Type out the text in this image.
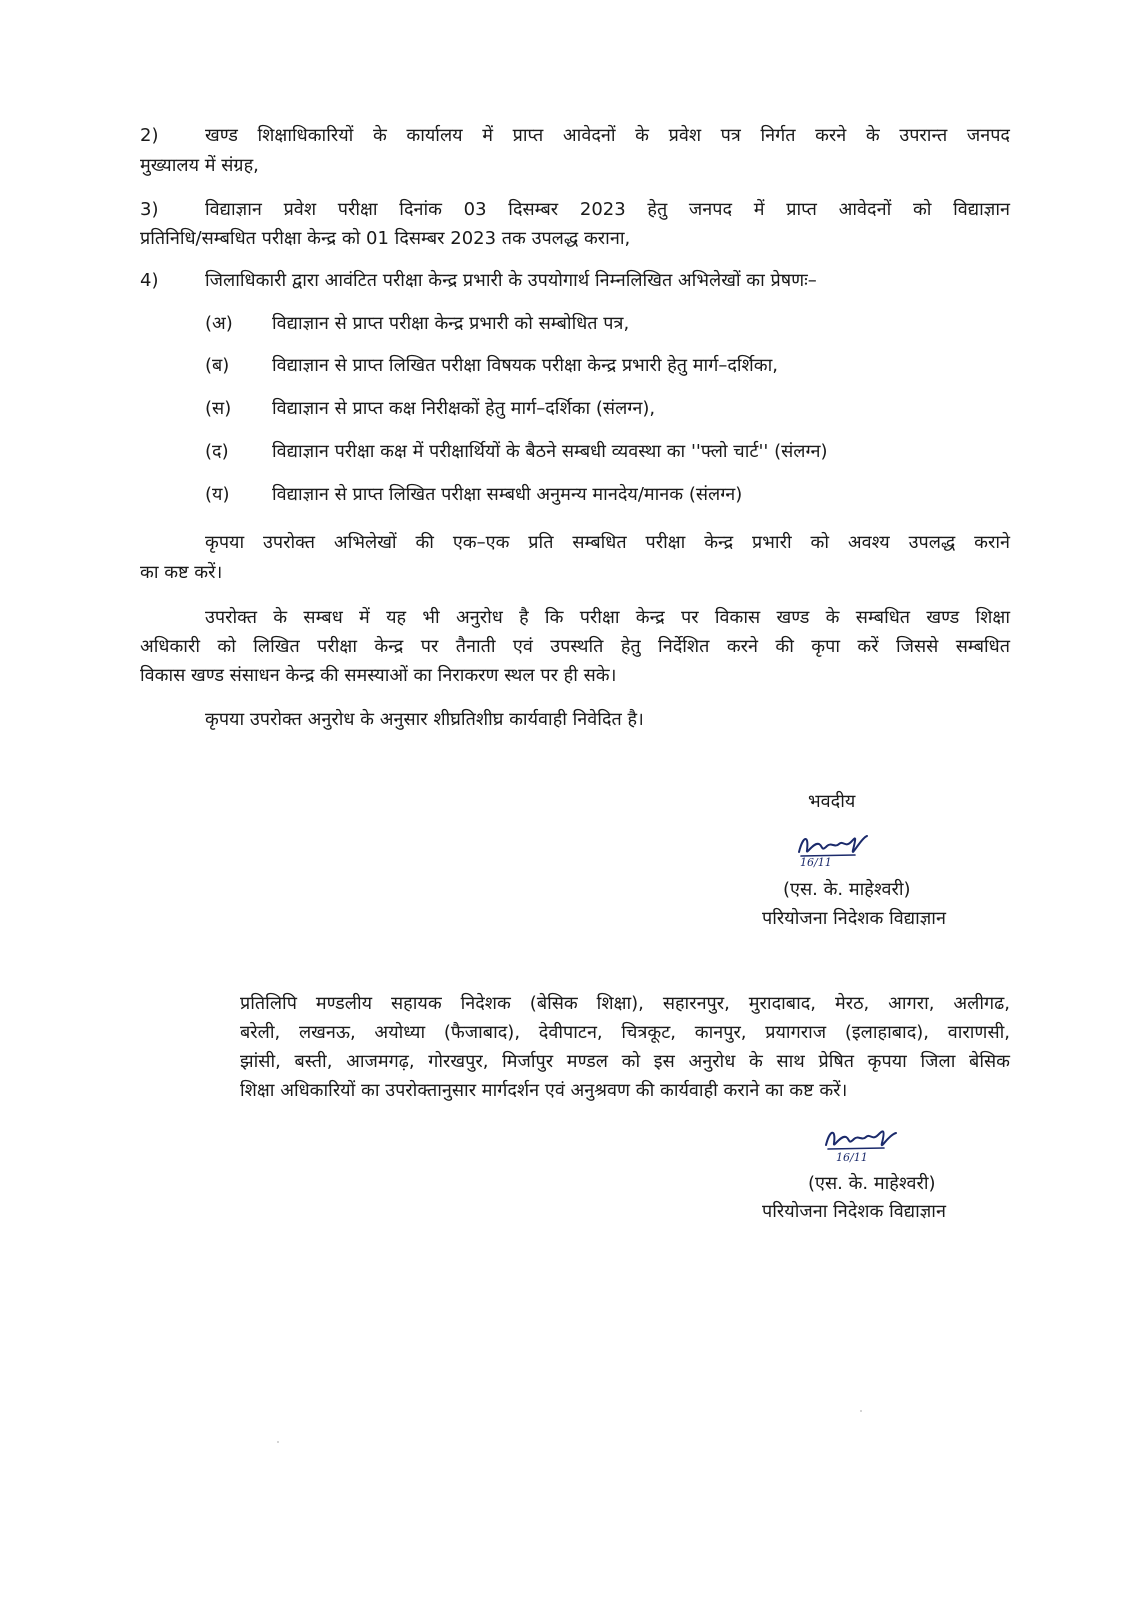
2)	खण्ड शिक्षाधिकारियों के कार्यालय में प्राप्त आवेदनों के प्रवेश पत्र निर्गत करने के उपरान्त जनपद
मुख्यालय में संग्रह,
3)	विद्याज्ञान प्रवेश परीक्षा दिनांक 03 दिसम्बर 2023 हेतु जनपद में प्राप्त आवेदनों को विद्याज्ञान
प्रतिनिधि/सम्बधित परीक्षा केन्द्र को 01 दिसम्बर 2023 तक उपलद्ध कराना,
4)	जिलाधिकारी द्वारा आवंटित परीक्षा केन्द्र प्रभारी के उपयोगार्थ निम्नलिखित अभिलेखों का प्रेषणः–
(अ) विद्याज्ञान से प्राप्त परीक्षा केन्द्र प्रभारी को सम्बोधित पत्र,
(ब) विद्याज्ञान से प्राप्त लिखित परीक्षा विषयक परीक्षा केन्द्र प्रभारी हेतु मार्ग–दर्शिका,
(स) विद्याज्ञान से प्राप्त कक्ष निरीक्षकों हेतु मार्ग–दर्शिका (संलग्न),
(द) विद्याज्ञान परीक्षा कक्ष में परीक्षार्थियों के बैठने सम्बधी व्यवस्था का ''फ्लो चार्ट'' (संलग्न)
(य) विद्याज्ञान से प्राप्त लिखित परीक्षा सम्बधी अनुमन्य मानदेय/मानक (संलग्न)
कृपया उपरोक्त अभिलेखों की एक–एक प्रति सम्बधित परीक्षा केन्द्र प्रभारी को अवश्य उपलद्ध कराने
का कष्ट करें।
उपरोक्त के सम्बध में यह भी अनुरोध है कि परीक्षा केन्द्र पर विकास खण्ड के सम्बधित खण्ड शिक्षा
अधिकारी को लिखित परीक्षा केन्द्र पर तैनाती एवं उपस्थति हेतु निर्देशित करने की कृपा करें जिससे सम्बधित
विकास खण्ड संसाधन केन्द्र की समस्याओं का निराकरण स्थल पर ही सके।
कृपया उपरोक्त अनुरोध के अनुसार शीघ्रतिशीघ्र कार्यवाही निवेदित है।
भवदीय
16/11
(एस. के. माहेश्वरी)
परियोजना निदेशक विद्याज्ञान
प्रतिलिपि मण्डलीय सहायक निदेशक (बेसिक शिक्षा), सहारनपुर, मुरादाबाद, मेरठ, आगरा, अलीगढ,
बरेली, लखनऊ, अयोध्या (फैजाबाद), देवीपाटन, चित्रकूट, कानपुर, प्रयागराज (इलाहाबाद), वाराणसी,
झांसी, बस्ती, आजमगढ़, गोरखपुर, मिर्जापुर मण्डल को इस अनुरोध के साथ प्रेषित कृपया जिला बेसिक
शिक्षा अधिकारियों का उपरोक्तानुसार मार्गदर्शन एवं अनुश्रवण की कार्यवाही कराने का कष्ट करें।
16/11
(एस. के. माहेश्वरी)
परियोजना निदेशक विद्याज्ञान
